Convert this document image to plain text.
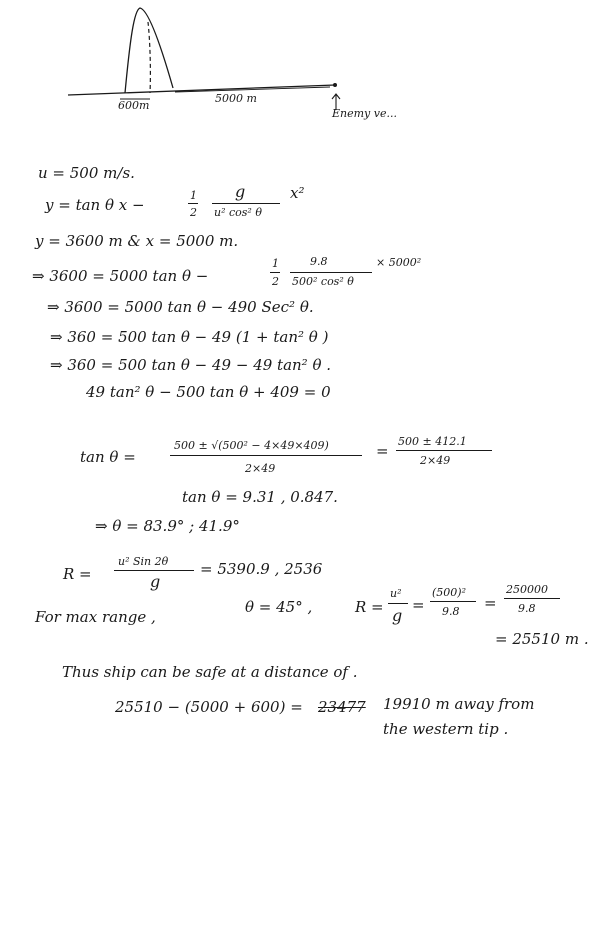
600m
5000 m
Enemy ve...
u = 500 m/s.
y = tan θ x −
1
2
g
u² cos² θ
x²
y = 3600 m & x = 5000 m.
⇒ 3600 = 5000 tan θ −
1
2
9.8
500² cos² θ
× 5000²
⇒ 3600 = 5000 tan θ − 490 Sec² θ.
⇒ 360 = 500 tan θ − 49 (1 + tan² θ )
⇒ 360 = 500 tan θ − 49 − 49 tan² θ .
49 tan² θ − 500 tan θ + 409 = 0
tan θ =
500 ± √(500² − 4×49×409)
2×49
=
500 ± 412.1
2×49
tan θ = 9.31 , 0.847.
⇒ θ = 83.9° ; 41.9°
R =
u² Sin 2θ
g
= 5390.9 , 2536
For max range ,
θ = 45° ,	R =
u²
g
=
(500)²
9.8 =
250000
9.8
= 25510 m .
Thus ship can be safe at a distance of .
25510 − (5000 + 600) = 23477 19910 m away from
the western tip .
